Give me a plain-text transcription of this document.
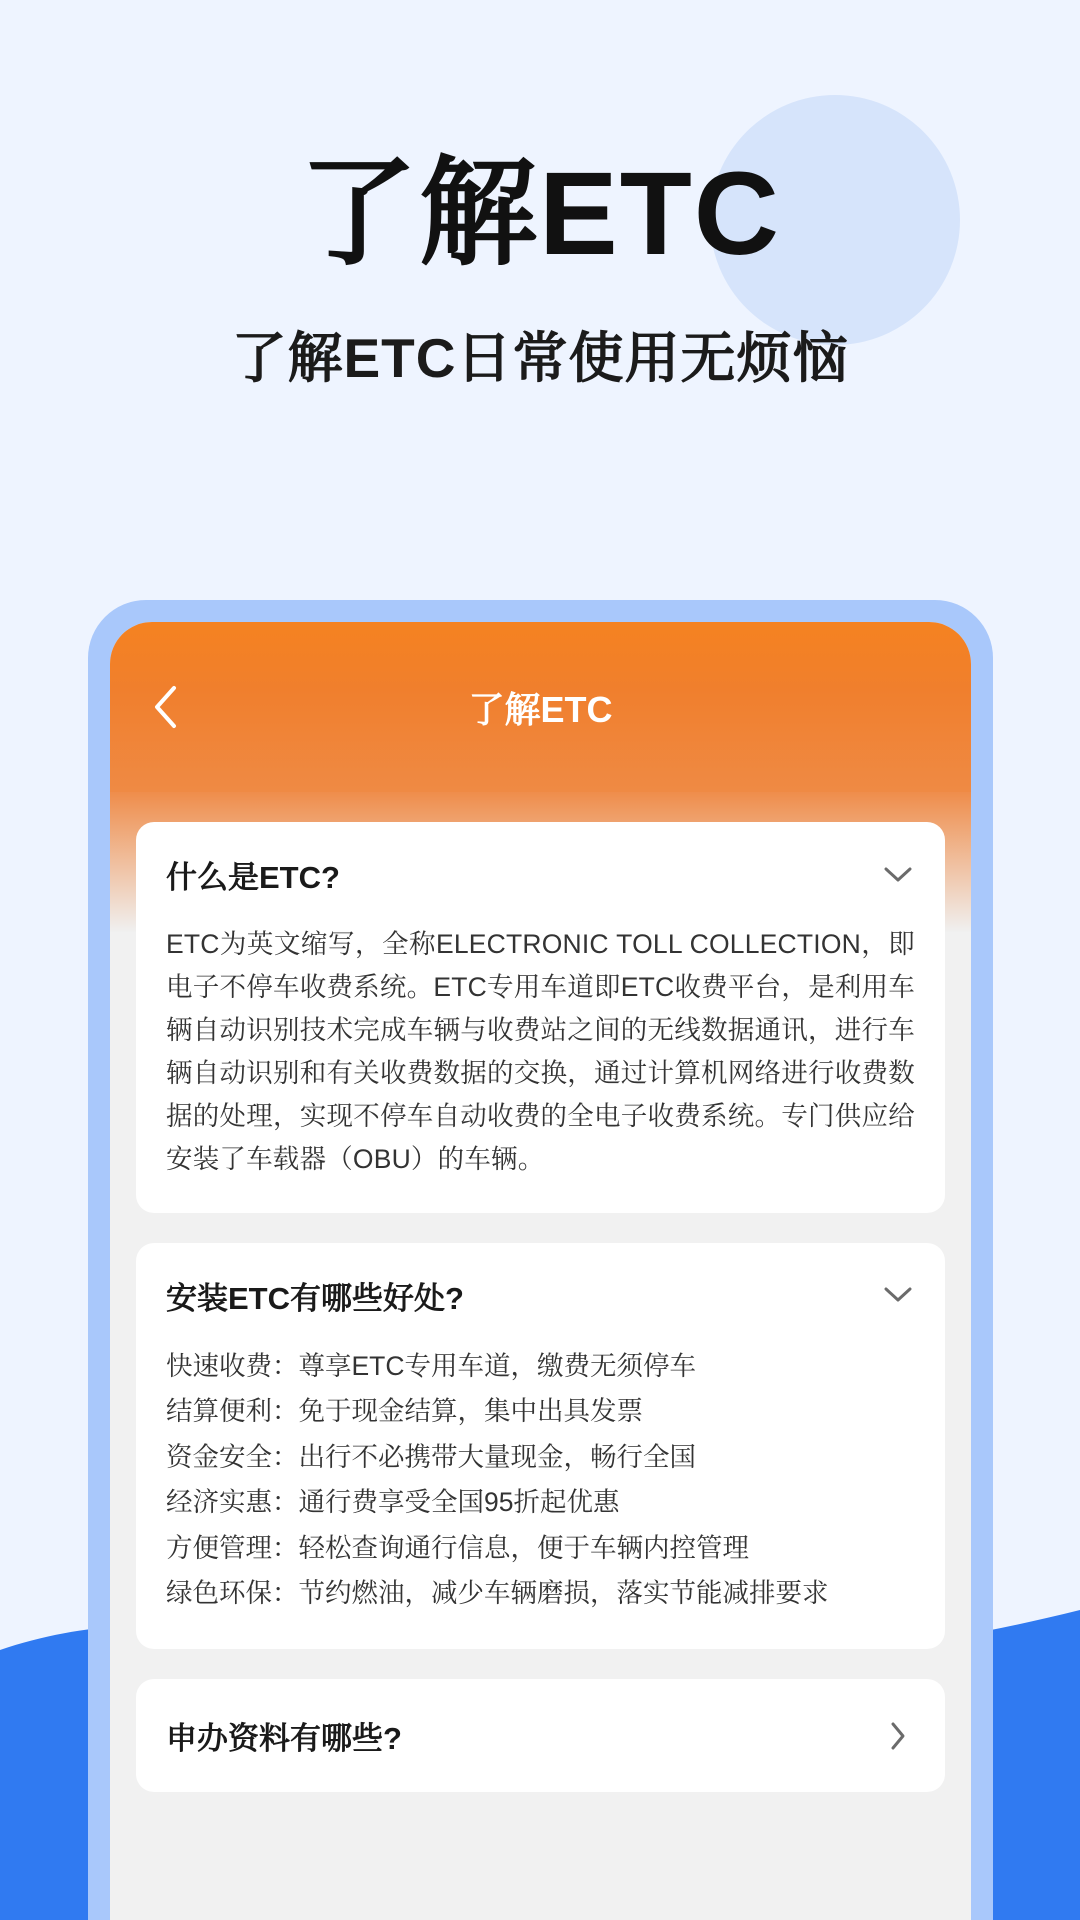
了解ETC
了解ETC日常使用无烦恼
了解ETC
什么是ETC?
ETC为英文缩写，全称ELECTRONIC TOLL COLLECTION，即电子不停车收费系统。ETC专用车道即ETC收费平台，是利用车辆自动识别技术完成车辆与收费站之间的无线数据通讯，进行车辆自动识别和有关收费数据的交换，通过计算机网络进行收费数据的处理，实现不停车自动收费的全电子收费系统。专门供应给安装了车载器（OBU）的车辆。
安装ETC有哪些好处?
快速收费：尊享ETC专用车道，缴费无须停车
结算便利：免于现金结算，集中出具发票
资金安全：出行不必携带大量现金，畅行全国
经济实惠：通行费享受全国95折起优惠
方便管理：轻松查询通行信息，便于车辆内控管理
绿色环保：节约燃油，减少车辆磨损，落实节能减排要求
申办资料有哪些?
